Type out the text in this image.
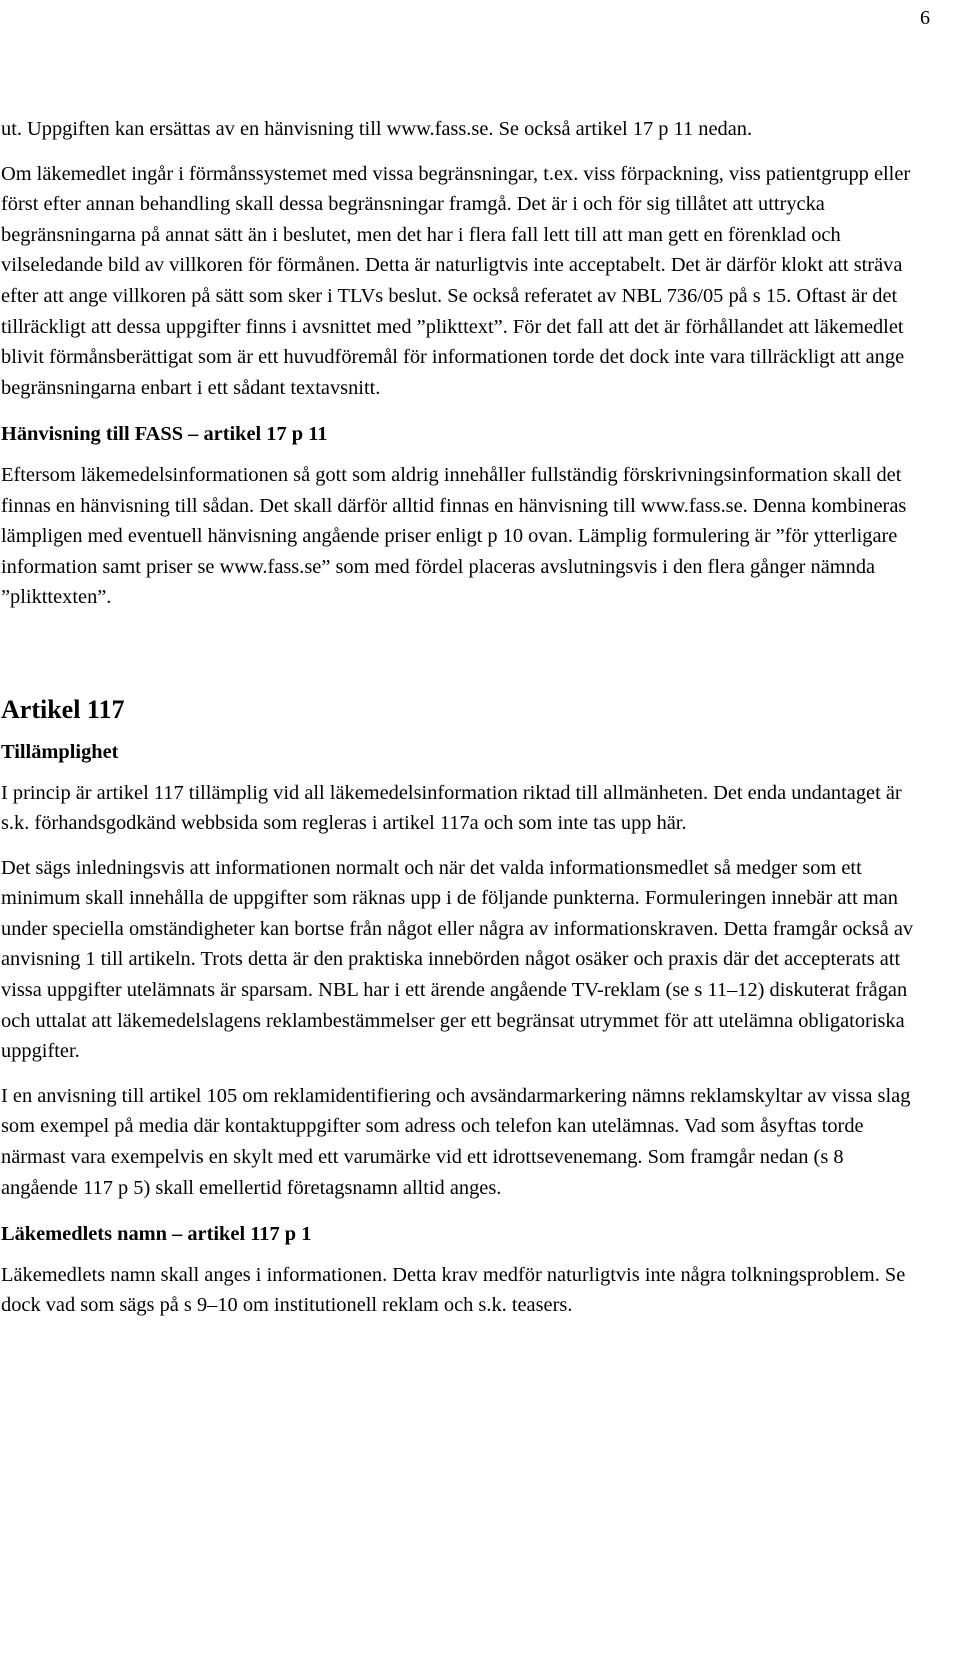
6

ut. Uppgiften kan ersättas av en hänvisning till www.fass.se. Se också artikel 17 p 11 nedan.

Om läkemedlet ingår i förmånssystemet med vissa begränsningar, t.ex. viss förpackning, viss patientgrupp eller först efter annan behandling skall dessa begränsningar framgå. Det är i och för sig tillåtet att uttrycka begränsningarna på annat sätt än i beslutet, men det har i flera fall lett till att man gett en förenklad och vilseledande bild av villkoren för förmånen. Detta är naturligtvis inte acceptabelt. Det är därför klokt att sträva efter att ange villkoren på sätt som sker i TLVs beslut. Se också referatet av NBL 736/05 på s 15. Oftast är det tillräckligt att dessa uppgifter finns i avsnittet med ”plikttext”. För det fall att det är förhållandet att läkemedlet blivit förmånsberättigat som är ett huvudföremål för informationen torde det dock inte vara tillräckligt att ange begränsningarna enbart i ett sådant textavsnitt.

Hänvisning till FASS – artikel 17 p 11

Eftersom läkemedelsinformationen så gott som aldrig innehåller fullständig förskrivningsinformation skall det finnas en hänvisning till sådan. Det skall därför alltid finnas en hänvisning till www.fass.se. Denna kombineras lämpligen med eventuell hänvisning angående priser enligt p 10 ovan. Lämplig formulering är ”för ytterligare information samt priser se www.fass.se” som med fördel placeras avslutningsvis i den flera gånger nämnda ”plikttexten”.

Artikel 117
Tillämplighet

I princip är artikel 117 tillämplig vid all läkemedelsinformation riktad till allmänheten. Det enda undantaget är s.k. förhandsgodkänd webbsida som regleras i artikel 117a och som inte tas upp här.

Det sägs inledningsvis att informationen normalt och när det valda informationsmedlet så medger som ett minimum skall innehålla de uppgifter som räknas upp i de följande punkterna. Formuleringen innebär att man under speciella omständigheter kan bortse från något eller några av informationskraven. Detta framgår också av anvisning 1 till artikeln. Trots detta är den praktiska innebörden något osäker och praxis där det accepterats att vissa uppgifter utelämnats är sparsam. NBL har i ett ärende angående TV-reklam (se s 11–12) diskuterat frågan och uttalat att läkemedelslagens reklambestämmelser ger ett begränsat utrymmet för att utelämna obligatoriska uppgifter.

I en anvisning till artikel 105 om reklamidentifiering och avsändarmarkering nämns reklamskyltar av vissa slag som exempel på media där kontaktuppgifter som adress och telefon kan utelämnas. Vad som åsyftas torde närmast vara exempelvis en skylt med ett varumärke vid ett idrottsevenemang. Som framgår nedan (s 8 angående 117 p 5) skall emellertid företagsnamn alltid anges.

Läkemedlets namn – artikel 117 p 1

Läkemedlets namn skall anges i informationen. Detta krav medför naturligtvis inte några tolkningsproblem. Se dock vad som sägs på s 9–10 om institutionell reklam och s.k. teasers.
